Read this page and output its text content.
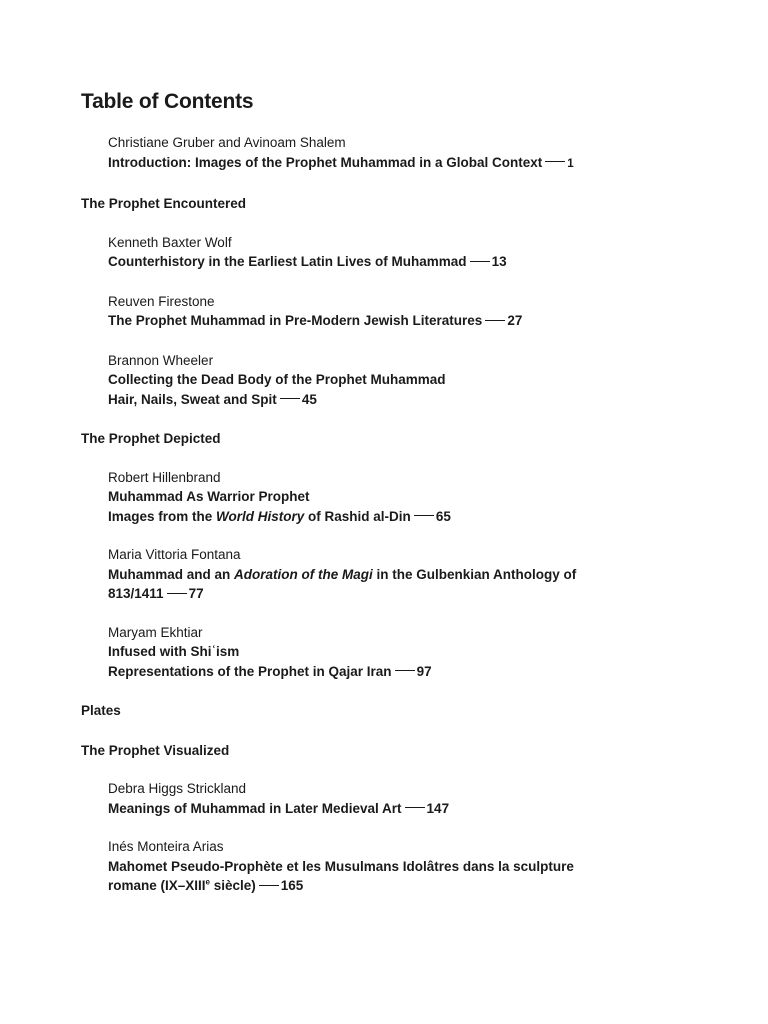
Table of Contents
Christiane Gruber and Avinoam Shalem
Introduction: Images of the Prophet Muhammad in a Global Context 1
The Prophet Encountered
Kenneth Baxter Wolf
Counterhistory in the Earliest Latin Lives of Muhammad 13
Reuven Firestone
The Prophet Muhammad in Pre-Modern Jewish Literatures 27
Brannon Wheeler
Collecting the Dead Body of the Prophet Muhammad
Hair, Nails, Sweat and Spit 45
The Prophet Depicted
Robert Hillenbrand
Muhammad As Warrior Prophet
Images from the World History of Rashid al-Din 65
Maria Vittoria Fontana
Muhammad and an Adoration of the Magi in the Gulbenkian Anthology of
813/1411 77
Maryam Ekhtiar
Infused with Shiʿism
Representations of the Prophet in Qajar Iran 97
Plates
The Prophet Visualized
Debra Higgs Strickland
Meanings of Muhammad in Later Medieval Art 147
Inés Monteira Arias
Mahomet Pseudo-Prophète et les Musulmans Idolâtres dans la sculpture
romane (IX–XIIIe siècle) 165
